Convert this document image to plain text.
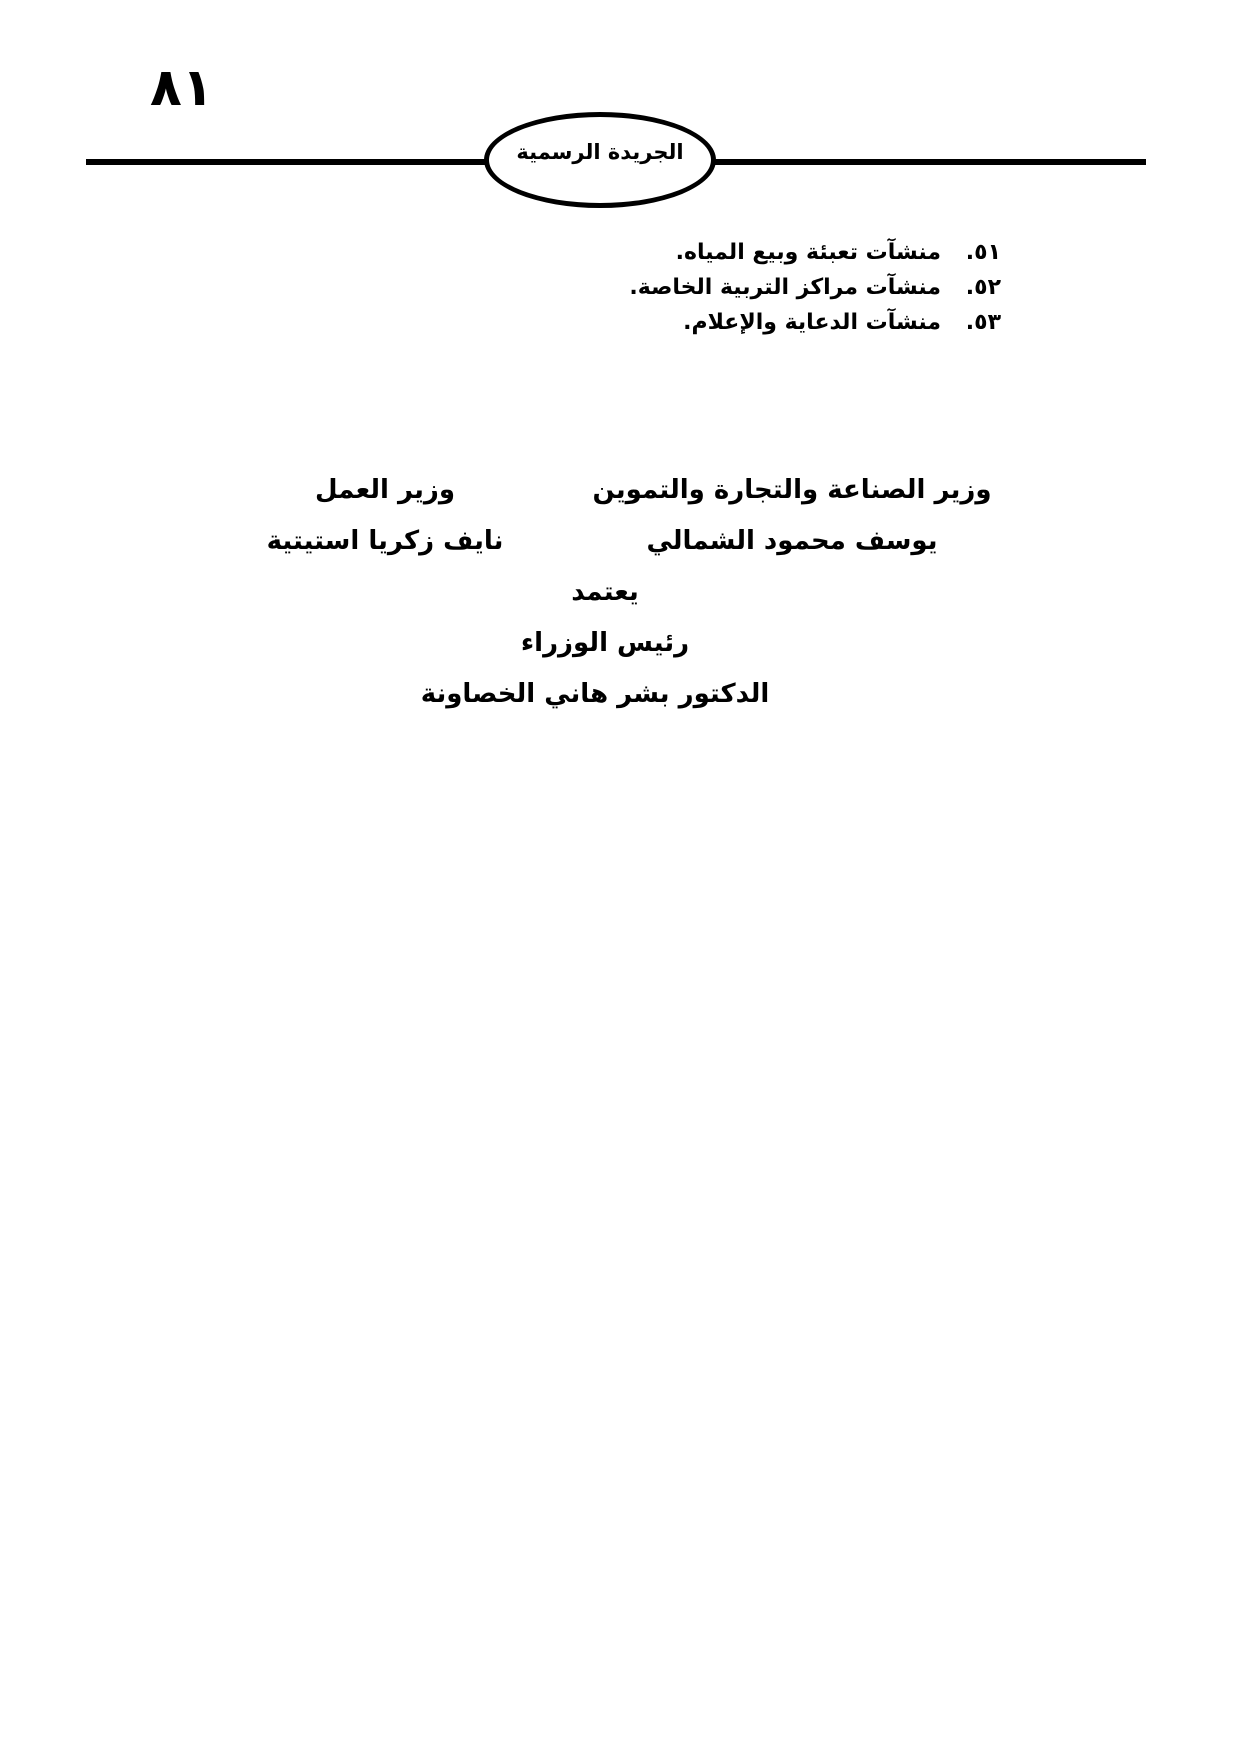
٨١
الجريدة الرسمية
٥١.
منشآت تعبئة وبيع المياه.
٥٢.
منشآت مراكز التربية الخاصة.
٥٣.
منشآت الدعاية والإعلام.
وزير الصناعة والتجارة والتموين
وزير العمل
يوسف محمود الشمالي
نايف زكريا استيتية
يعتمد
رئيس الوزراء
الدكتور بشر هاني الخصاونة
